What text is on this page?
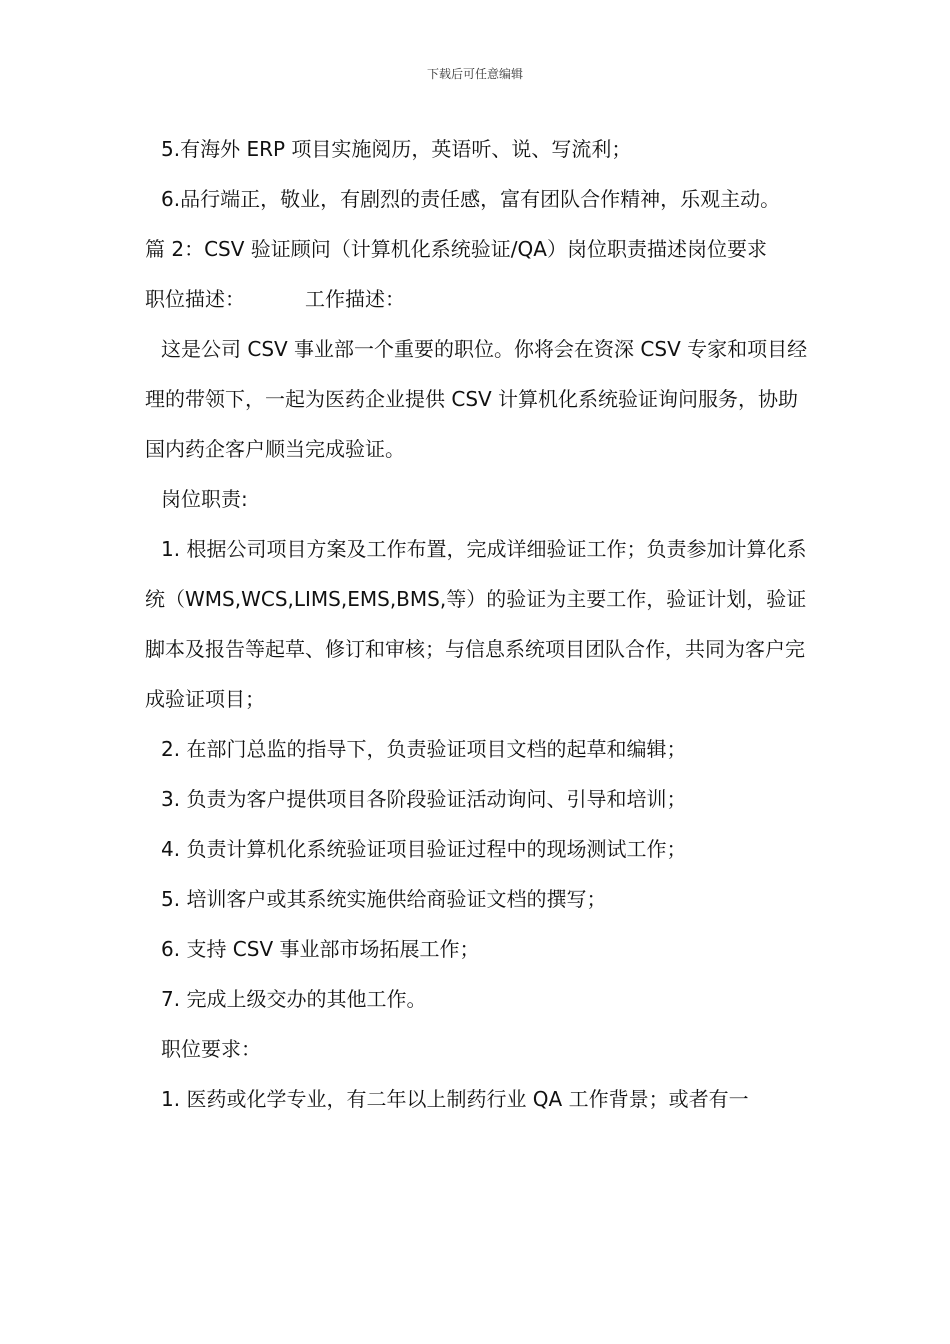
下载后可任意编辑

5.有海外 ERP 项目实施阅历，英语听、说、写流利；

6.品行端正，敬业，有剧烈的责任感，富有团队合作精神，乐观主动。

篇 2：CSV 验证顾问（计算机化系统验证/QA）岗位职责描述岗位要求

职位描述：	工作描述：

这是公司 CSV 事业部一个重要的职位。你将会在资深 CSV 专家和项目经理的带领下，一起为医药企业提供 CSV 计算机化系统验证询问服务，协助国内药企客户顺当完成验证。

岗位职责:

1. 根据公司项目方案及工作布置，完成详细验证工作；负责参加计算化系统（WMS,WCS,LIMS,EMS,BMS,等）的验证为主要工作，验证计划，验证脚本及报告等起草、修订和审核；与信息系统项目团队合作，共同为客户完成验证项目；

2. 在部门总监的指导下，负责验证项目文档的起草和编辑；

3. 负责为客户提供项目各阶段验证活动询问、引导和培训；

4. 负责计算机化系统验证项目验证过程中的现场测试工作；

5. 培训客户或其系统实施供给商验证文档的撰写；

6. 支持 CSV 事业部市场拓展工作；

7. 完成上级交办的其他工作。

职位要求：

1. 医药或化学专业，有二年以上制药行业 QA 工作背景；或者有一
